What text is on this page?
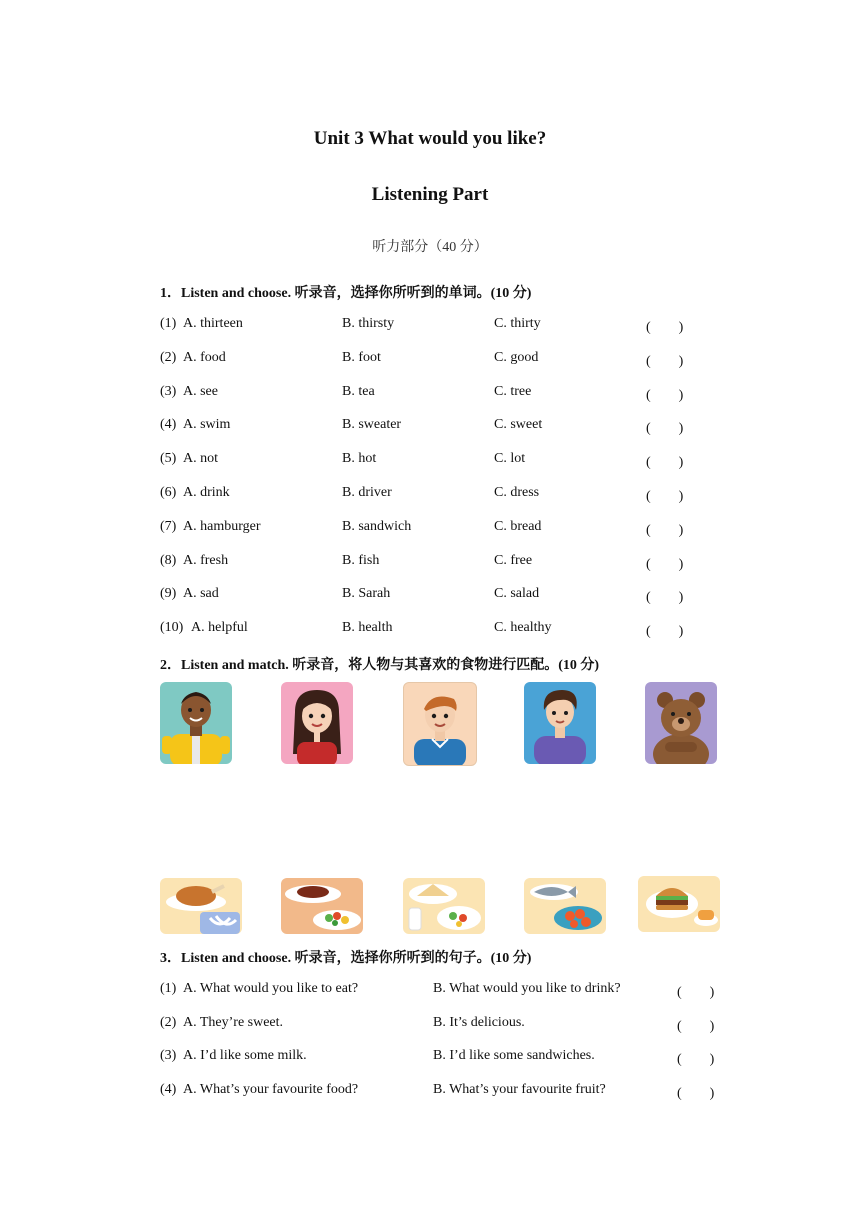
Unit 3 What would you like?
Listening Part
听力部分（40 分）
1．Listen and choose. 听录音，选择你所听到的单词。(10 分)
(1) A. thirteen	B. thirsty	C. thirty	(　　)
(2) A. food	B. foot	C. good	(　　)
(3) A. see	B. tea	C. tree	(　　)
(4) A. swim	B. sweater	C. sweet	(　　)
(5) A. not	B. hot	C. lot	(　　)
(6) A. drink	B. driver	C. dress	(　　)
(7) A. hamburger	B. sandwich	C. bread	(　　)
(8) A. fresh	B. fish	C. free	(　　)
(9) A. sad	B. Sarah	C. salad	(　　)
(10) A. helpful	B. health	C. healthy	(　　)
2．Listen and match. 听录音，将人物与其喜欢的食物进行匹配。(10 分)
3．Listen and choose. 听录音，选择你所听到的句子。(10 分)
(1) A. What would you like to eat?	B. What would you like to drink?	(　　)
(2) A. They’re sweet.	B. It’s delicious.	(　　)
(3) A. I’d like some milk.	B. I’d like some sandwiches.	(　　)
(4) A. What’s your favourite food?	B. What’s your favourite fruit?	(　　)
